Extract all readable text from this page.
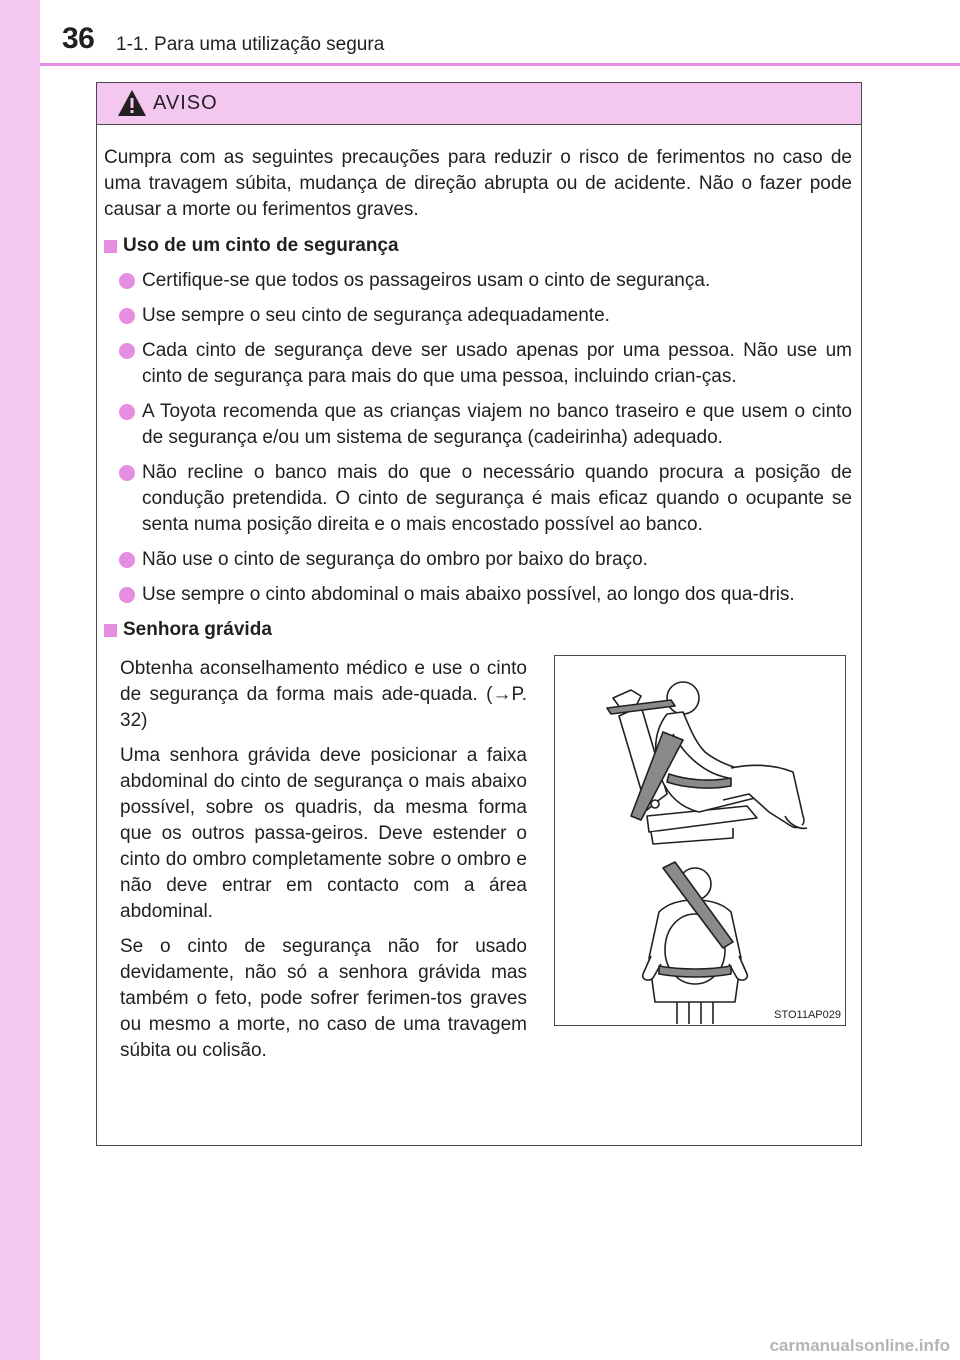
36 1-1. Para uma utilização segura
AVISO

Cumpra com as seguintes precauções para reduzir o risco de ferimentos no caso de uma travagem súbita, mudança de direção abrupta ou de acidente. Não o fazer pode causar a morte ou ferimentos graves.

Uso de um cinto de segurança
Certifique-se que todos os passageiros usam o cinto de segurança.
Use sempre o seu cinto de segurança adequadamente.
Cada cinto de segurança deve ser usado apenas por uma pessoa. Não use um cinto de segurança para mais do que uma pessoa, incluindo crian-ças.
A Toyota recomenda que as crianças viajem no banco traseiro e que usem o cinto de segurança e/ou um sistema de segurança (cadeirinha) adequado.
Não recline o banco mais do que o necessário quando procura a posição de condução pretendida. O cinto de segurança é mais eficaz quando o ocupante se senta numa posição direita e o mais encostado possível ao banco.
Não use o cinto de segurança do ombro por baixo do braço.
Use sempre o cinto abdominal o mais abaixo possível, ao longo dos qua-dris.
Senhora grávida

Obtenha aconselhamento médico e use o cinto de segurança da forma mais ade-quada. (→P. 32)

Uma senhora grávida deve posicionar a faixa abdominal do cinto de segurança o mais abaixo possível, sobre os quadris, da mesma forma que os outros passa-geiros. Deve estender o cinto do ombro completamente sobre o ombro e não deve entrar em contacto com a área abdominal.

Se o cinto de segurança não for usado devidamente, não só a senhora grávida mas também o feto, pode sofrer ferimen-tos graves ou mesmo a morte, no caso de uma travagem súbita ou colisão.

STO11AP029
carmanualsonline.info
